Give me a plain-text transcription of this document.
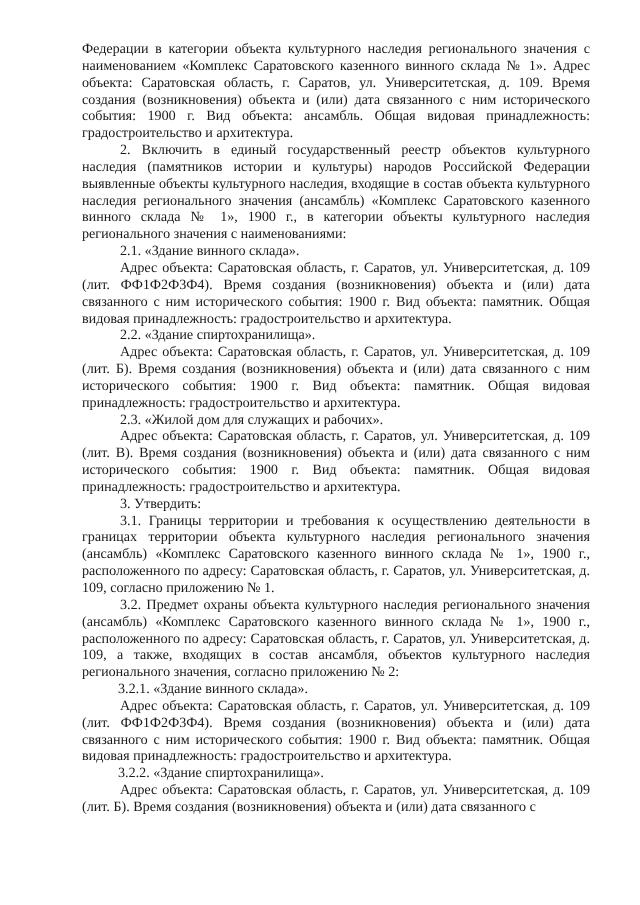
Федерации в категории объекта культурного наследия регионального значения с наименованием «Комплекс Саратовского казенного винного склада № 1». Адрес объекта: Саратовская область, г. Саратов, ул. Университетская, д. 109. Время создания (возникновения) объекта и (или) дата связанного с ним исторического события: 1900 г. Вид объекта: ансамбль. Общая видовая принадлежность: градостроительство и архитектура.

2. Включить в единый государственный реестр объектов культурного наследия (памятников истории и культуры) народов Российской Федерации выявленные объекты культурного наследия, входящие в состав объекта культурного наследия регионального значения (ансамбль) «Комплекс Саратовского казенного винного склада № 1», 1900 г., в категории объекты культурного наследия регионального значения с наименованиями:

2.1. «Здание винного склада».

Адрес объекта: Саратовская область, г. Саратов, ул. Университетская, д. 109 (лит. ФФ1Ф2Ф3Ф4). Время создания (возникновения) объекта и (или) дата связанного с ним исторического события: 1900 г. Вид объекта: памятник. Общая видовая принадлежность: градостроительство и архитектура.

2.2. «Здание спиртохранилища».

Адрес объекта: Саратовская область, г. Саратов, ул. Университетская, д. 109 (лит. Б). Время создания (возникновения) объекта и (или) дата связанного с ним исторического события: 1900 г. Вид объекта: памятник. Общая видовая принадлежность: градостроительство и архитектура.

2.3. «Жилой дом для служащих и рабочих».

Адрес объекта: Саратовская область, г. Саратов, ул. Университетская, д. 109 (лит. В). Время создания (возникновения) объекта и (или) дата связанного с ним исторического события: 1900 г. Вид объекта: памятник. Общая видовая принадлежность: градостроительство и архитектура.

3. Утвердить:

3.1. Границы территории и требования к осуществлению деятельности в границах территории объекта культурного наследия регионального значения (ансамбль) «Комплекс Саратовского казенного винного склада № 1», 1900 г., расположенного по адресу: Саратовская область, г. Саратов, ул. Университетская, д. 109, согласно приложению № 1.

3.2. Предмет охраны объекта культурного наследия регионального значения (ансамбль) «Комплекс Саратовского казенного винного склада № 1», 1900 г., расположенного по адресу: Саратовская область, г. Саратов, ул. Университетская, д. 109, а также, входящих в состав ансамбля, объектов культурного наследия регионального значения, согласно приложению № 2:

3.2.1. «Здание винного склада».

Адрес объекта: Саратовская область, г. Саратов, ул. Университетская, д. 109 (лит. ФФ1Ф2Ф3Ф4). Время создания (возникновения) объекта и (или) дата связанного с ним исторического события: 1900 г. Вид объекта: памятник. Общая видовая принадлежность: градостроительство и архитектура.

3.2.2. «Здание спиртохранилища».

Адрес объекта: Саратовская область, г. Саратов, ул. Университетская, д. 109 (лит. Б). Время создания (возникновения) объекта и (или) дата связанного с
